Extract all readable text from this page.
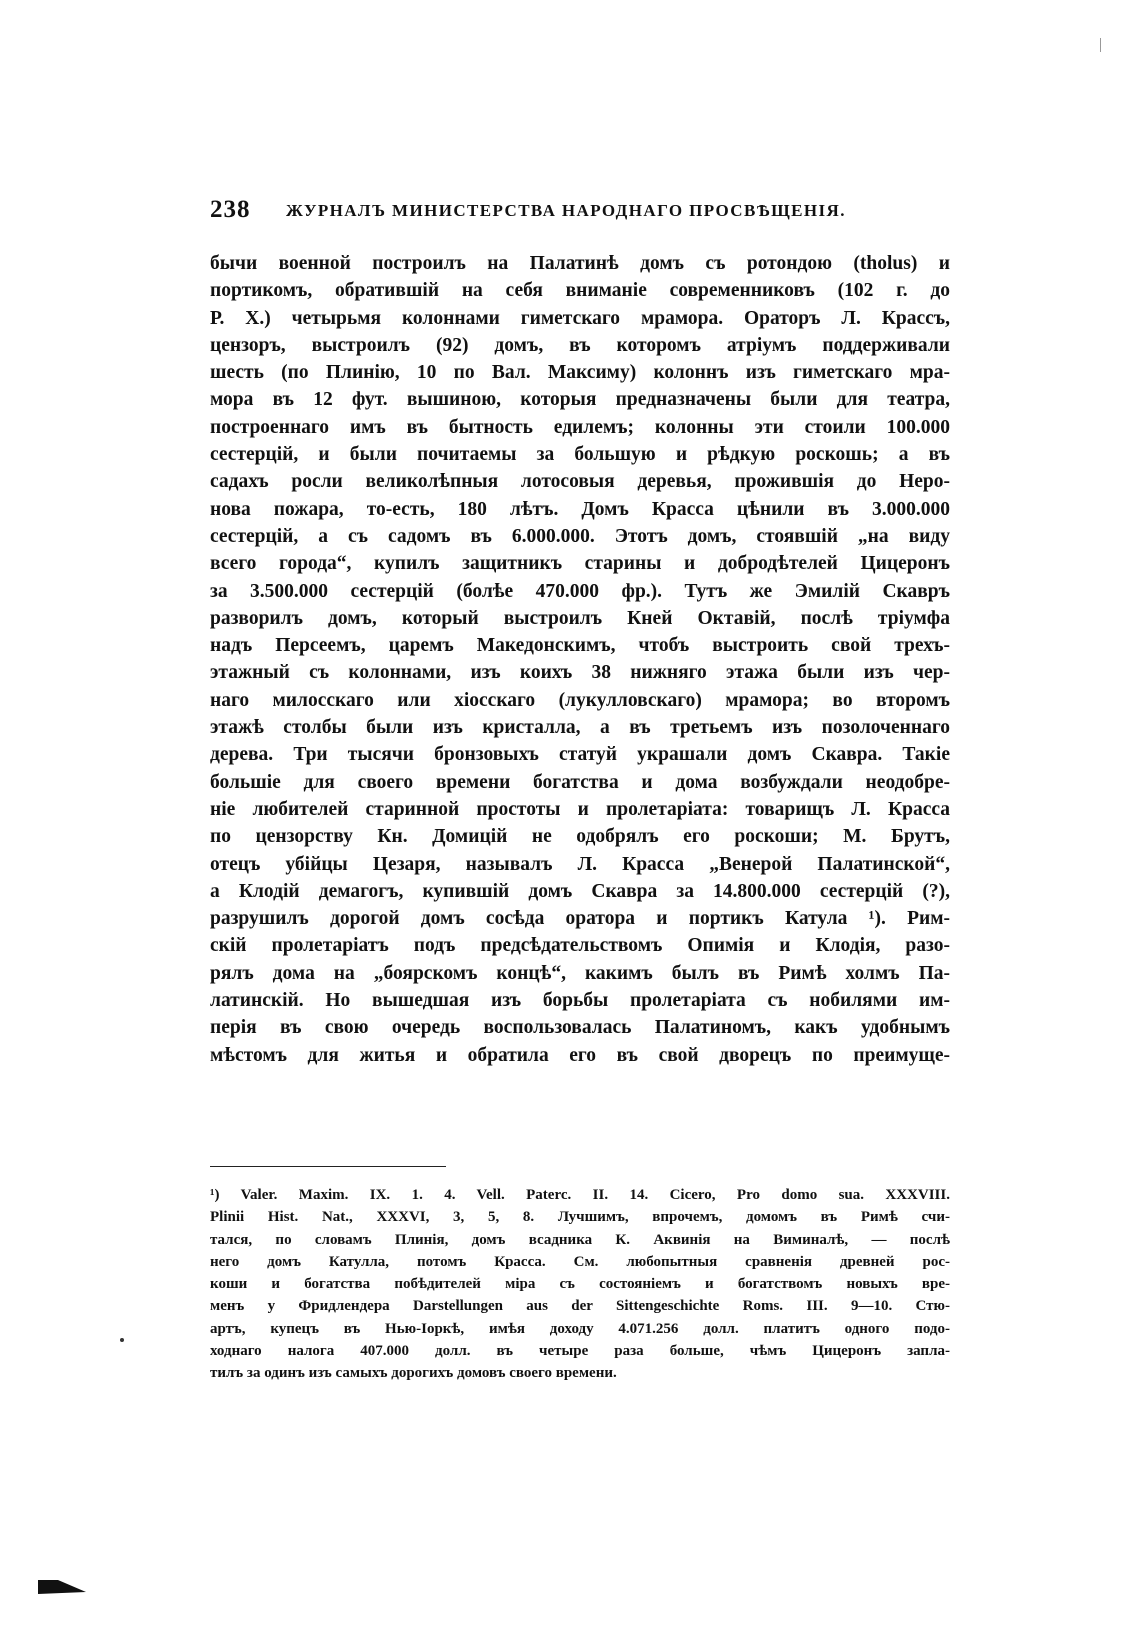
238 ЖУРНАЛЪ МИНИСТЕРСТВА НАРОДНАГО ПРОСВѢЩЕНІЯ.
бычи военной построилъ на Палатинѣ домъ съ ротондою (tholus) и
портикомъ, обратившій на себя вниманіе современниковъ (102 г. до
Р. X.) четырьмя колоннами гиметскаго мрамора. Ораторъ Л. Крассъ,
цензоръ, выстроилъ (92) домъ, въ которомъ атріумъ поддерживали
шесть (по Плинію, 10 по Вал. Максиму) колоннъ изъ гиметскаго мра-
мора въ 12 фут. вышиною, которыя предназначены были для театра,
построеннаго имъ въ бытность едилемъ; колонны эти стоили 100.000
сестерцій, и были почитаемы за большую и рѣдкую роскошь; а въ
садахъ росли великолѣпныя лотосовыя деревья, прожившія до Неро-
нова пожара, то-есть, 180 лѣтъ. Домъ Красса цѣнили въ 3.000.000
сестерцій, а съ садомъ въ 6.000.000. Этотъ домъ, стоявшій „на виду
всего города“, купилъ защитникъ старины и добродѣтелей Цицеронъ
за 3.500.000 сестерцій (болѣе 470.000 фр.). Тутъ же Эмилій Скавръ
разворилъ домъ, который выстроилъ Кней Октавій, послѣ тріумфа
надъ Персеемъ, царемъ Македонскимъ, чтобъ выстроить свой трехъ-
этажный съ колоннами, изъ коихъ 38 нижняго этажа были изъ чер-
наго милосскаго или хіосскаго (лукулловскаго) мрамора; во второмъ
этажѣ столбы были изъ кристалла, а въ третьемъ изъ позолоченнаго
дерева. Три тысячи бронзовыхъ статуй украшали домъ Скавра. Такіе
большіе для своего времени богатства и дома возбуждали неодобре-
ніе любителей старинной простоты и пролетаріата: товарищъ Л. Красса
по цензорству Кн. Домицій не одобрялъ его роскоши; М. Брутъ,
отецъ убійцы Цезаря, называлъ Л. Красса „Венерой Палатинской“,
а Клодій демагогъ, купившій домъ Скавра за 14.800.000 сестерцій (?),
разрушилъ дорогой домъ сосѣда оратора и портикъ Катула ¹). Рим-
скій пролетаріатъ подъ предсѣдательствомъ Опимія и Клодія, разо-
рялъ дома на „боярскомъ концѣ“, какимъ былъ въ Римѣ холмъ Па-
латинскій. Но вышедшая изъ борьбы пролетаріата съ нобилями им-
перія въ свою очередь воспользовалась Палатиномъ, какъ удобнымъ
мѣстомъ для житья и обратила его въ свой дворецъ по преимуще-
¹) Valer. Maxim. IX. 1. 4. Vell. Paterc. II. 14. Cicero, Pro domo sua. XXXVIII.
Plinii Hist. Nat., XXXVI, 3, 5, 8. Лучшимъ, впрочемъ, домомъ въ Римѣ счи-
тался, по словамъ Плинія, домъ всадника К. Аквинія на Виминалѣ, — послѣ
него домъ Катулла, потомъ Красса. См. любопытныя сравненія древней рос-
коши и богатства побѣдителей міра съ состояніемъ и богатствомъ новыхъ вре-
менъ у Фридлендера Darstellungen aus der Sittengeschichte Roms. III. 9—10. Стю-
артъ, купецъ въ Нью-Іоркѣ, имѣя доходу 4.071.256 долл. платитъ одного подо-
ходнаго налога 407.000 долл. въ четыре раза больше, чѣмъ Цицеронъ запла-
тилъ за одинъ изъ самыхъ дорогихъ домовъ своего времени.
